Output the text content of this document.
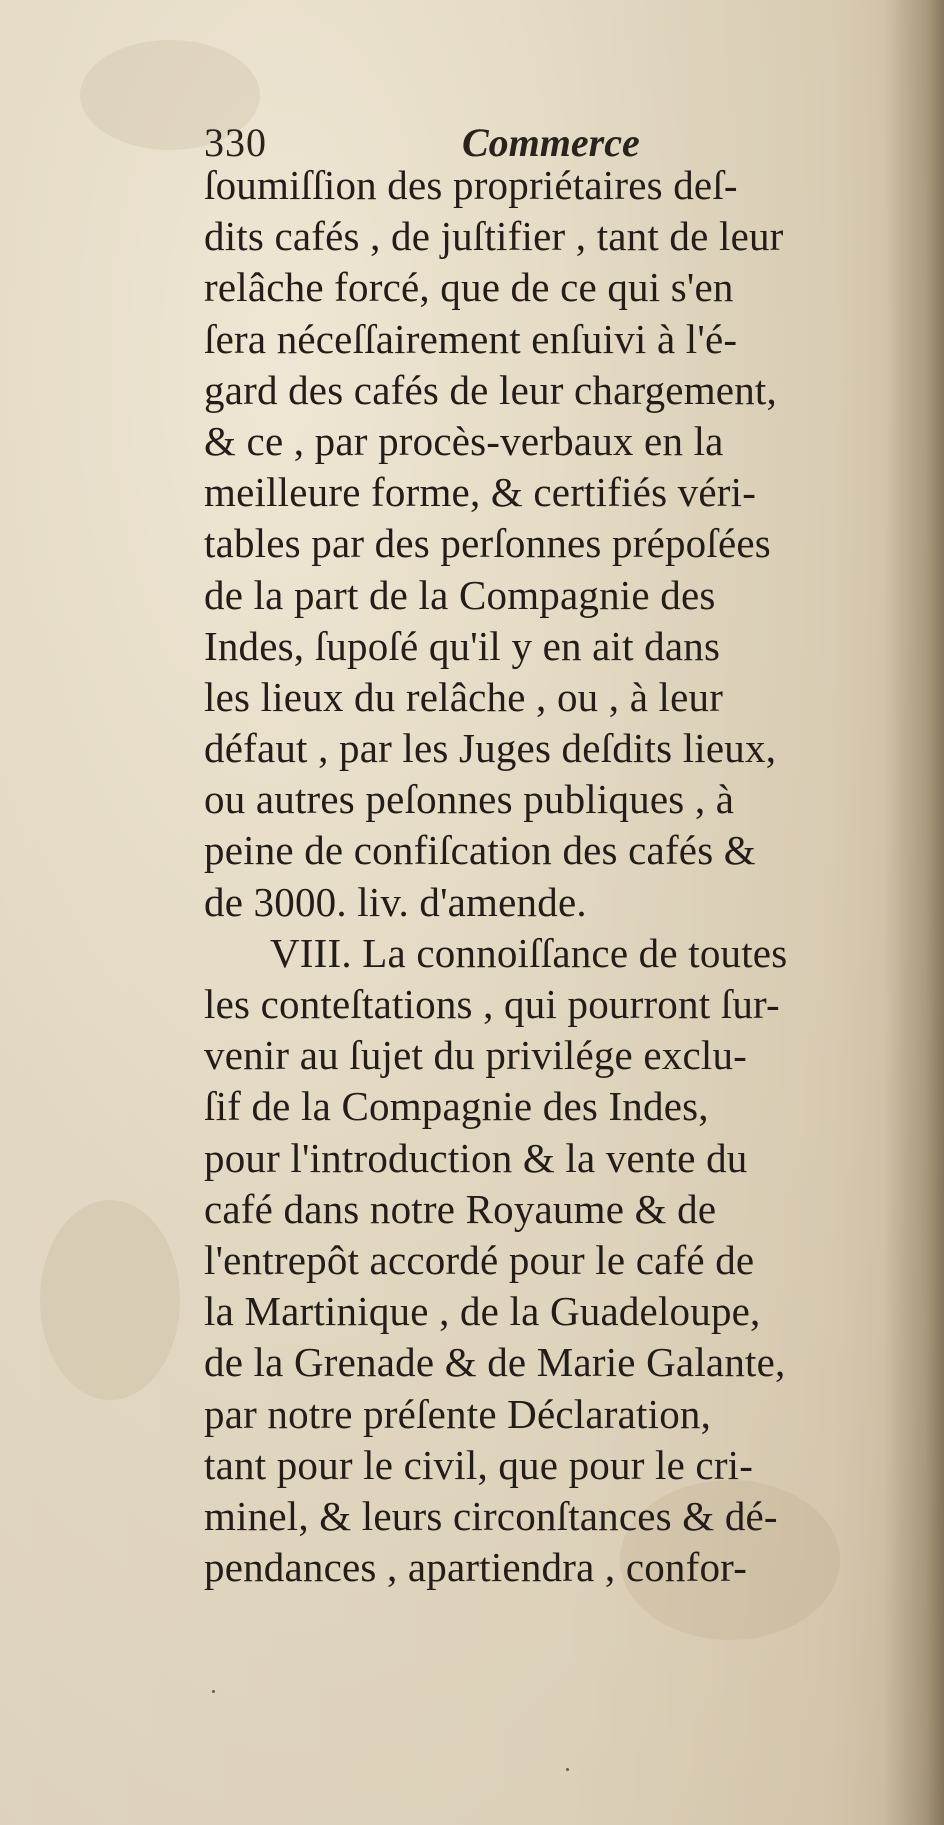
330	Commerce
ſoumiſſion des propriétaires deſ-
dits cafés , de juſtifier , tant de leur
relâche forcé, que de ce qui s'en
ſera néceſſairement enſuivi à l'é-
gard des cafés de leur chargement,
& ce , par procès-verbaux en la
meilleure forme, & certifiés véri-
tables par des perſonnes prépoſées
de la part de la Compagnie des
Indes, ſupoſé qu'il y en ait dans
les lieux du relâche , ou , à leur
défaut , par les Juges deſdits lieux,
ou autres peſonnes publiques , à
peine de confiſcation des cafés &
de 3000. liv. d'amende.
VIII. La connoiſſance de toutes
les conteſtations , qui pourront ſur-
venir au ſujet du privilége exclu-
ſif de la Compagnie des Indes,
pour l'introduction & la vente du
café dans notre Royaume & de
l'entrepôt accordé pour le café de
la Martinique , de la Guadeloupe,
de la Grenade & de Marie Galante,
par notre préſente Déclaration,
tant pour le civil, que pour le cri-
minel, & leurs circonſtances & dé-
pendances , apartiendra , confor-
